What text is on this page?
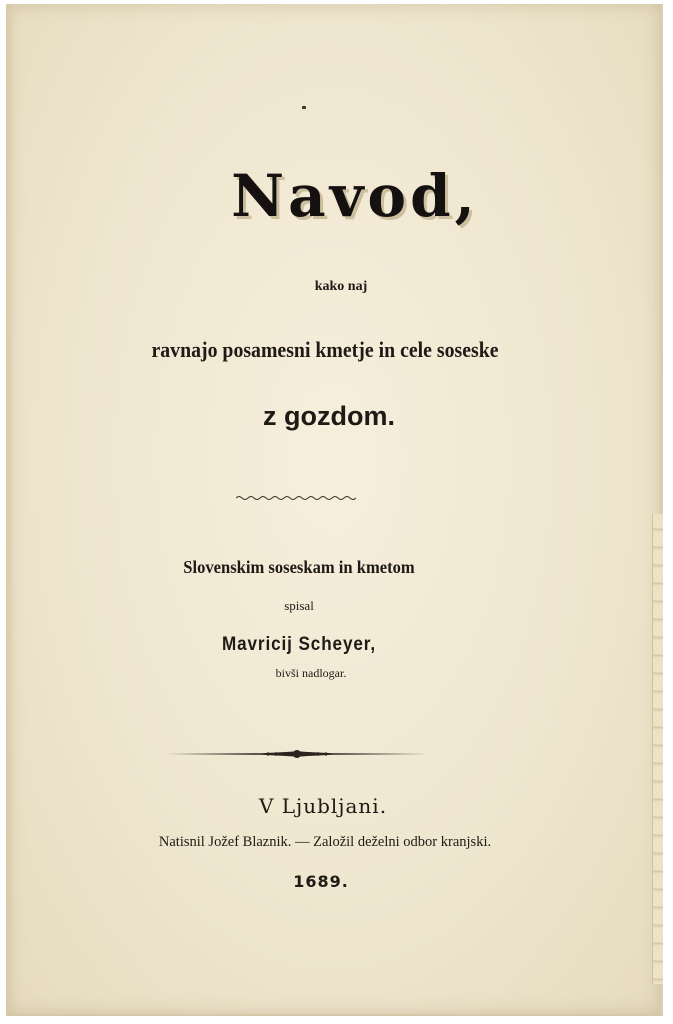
Navod,
kako naj
ravnajo posamesni kmetje in cele soseske
z gozdom.
Slovenskim soseskam in kmetom
spisal
Mavricij Scheyer,
bivši nadlogar.
V Ljubljani.
Natisnil Jožef Blaznik. — Založil deželni odbor kranjski.
1689.
